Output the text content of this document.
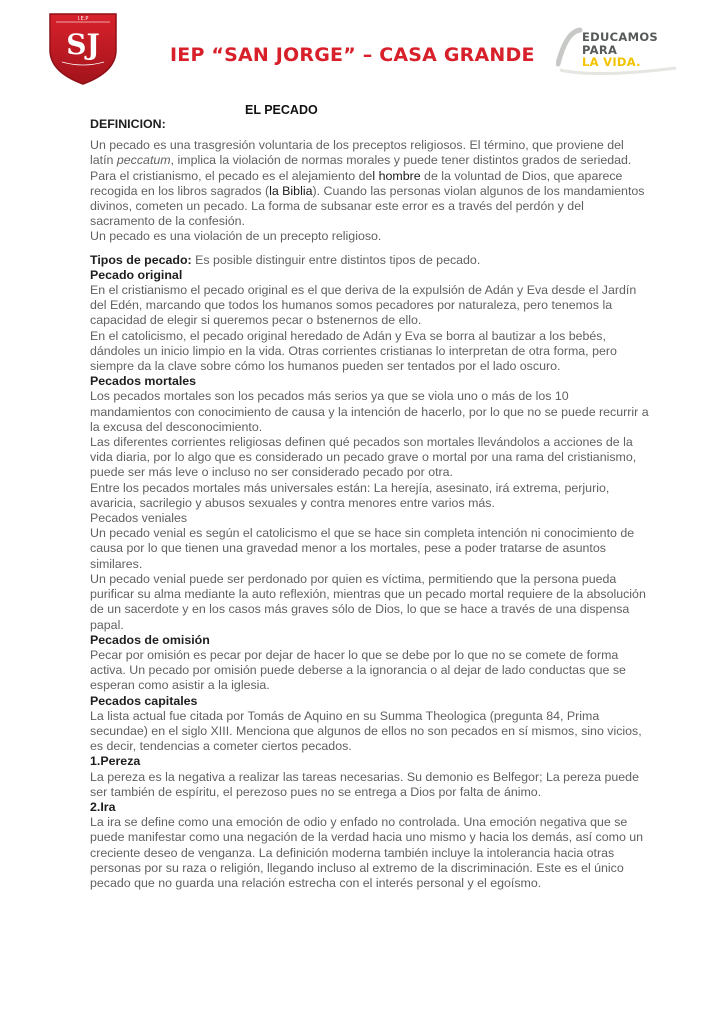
I.E.P
SJ	IEP “SAN JORGE” – CASA GRANDE
EDUCAMOS
PARA
LA VIDA.
EL PECADO

DEFINICION:

Un pecado es una trasgresión voluntaria de los preceptos religiosos. El término, que proviene del latín peccatum, implica la violación de normas morales y puede tener distintos grados de seriedad.

Para el cristianismo, el pecado es el alejamiento del hombre de la voluntad de Dios, que aparece recogida en los libros sagrados (la Biblia). Cuando las personas violan algunos de los mandamientos divinos, cometen un pecado. La forma de subsanar este error es a través del perdón y del sacramento de la confesión.

Un pecado es una violación de un precepto religioso.

Tipos de pecado: Es posible distinguir entre distintos tipos de pecado.

Pecado original

En el cristianismo el pecado original es el que deriva de la expulsión de Adán y Eva desde el Jardín del Edén, marcando que todos los humanos somos pecadores por naturaleza, pero tenemos la capacidad de elegir si queremos pecar o bstenernos de ello.

En el catolicismo, el pecado original heredado de Adán y Eva se borra al bautizar a los bebés, dándoles un inicio limpio en la vida. Otras corrientes cristianas lo interpretan de otra forma, pero siempre da la clave sobre cómo los humanos pueden ser tentados por el lado oscuro.

Pecados mortales

Los pecados mortales son los pecados más serios ya que se viola uno o más de los 10 mandamientos con conocimiento de causa y la intención de hacerlo, por lo que no se puede recurrir a la excusa del desconocimiento.

Las diferentes corrientes religiosas definen qué pecados son mortales llevándolos a acciones de la vida diaria, por lo algo que es considerado un pecado grave o mortal por una rama del cristianismo, puede ser más leve o incluso no ser considerado pecado por otra.

Entre los pecados mortales más universales están: La herejía, asesinato, irá extrema, perjurio, avaricia, sacrilegio y abusos sexuales y contra menores entre varios más.

Pecados veniales

Un pecado venial es según el catolicismo el que se hace sin completa intención ni conocimiento de causa por lo que tienen una gravedad menor a los mortales, pese a poder tratarse de asuntos similares.

Un pecado venial puede ser perdonado por quien es víctima, permitiendo que la persona pueda purificar su alma mediante la auto reflexión, mientras que un pecado mortal requiere de la absolución de un sacerdote y en los casos más graves sólo de Dios, lo que se hace a través de una dispensa papal.

Pecados de omisión

Pecar por omisión es pecar por dejar de hacer lo que se debe por lo que no se comete de forma activa. Un pecado por omisión puede deberse a la ignorancia o al dejar de lado conductas que se esperan como asistir a la iglesia.

Pecados capitales

La lista actual fue citada por Tomás de Aquino en su Summa Theologica (pregunta 84, Prima secundae) en el siglo XIII. Menciona que algunos de ellos no son pecados en sí mismos, sino vicios, es decir, tendencias a cometer ciertos pecados.

1.Pereza

La pereza es la negativa a realizar las tareas necesarias. Su demonio es Belfegor; La pereza puede ser también de espíritu, el perezoso pues no se entrega a Dios por falta de ánimo.

2.Ira

La ira se define como una emoción de odio y enfado no controlada. Una emoción negativa que se puede manifestar como una negación de la verdad hacia uno mismo y hacia los demás, así como un creciente deseo de venganza. La definición moderna también incluye la intolerancia hacia otras personas por su raza o religión, llegando incluso al extremo de la discriminación. Este es el único pecado que no guarda una relación estrecha con el interés personal y el egoísmo.
